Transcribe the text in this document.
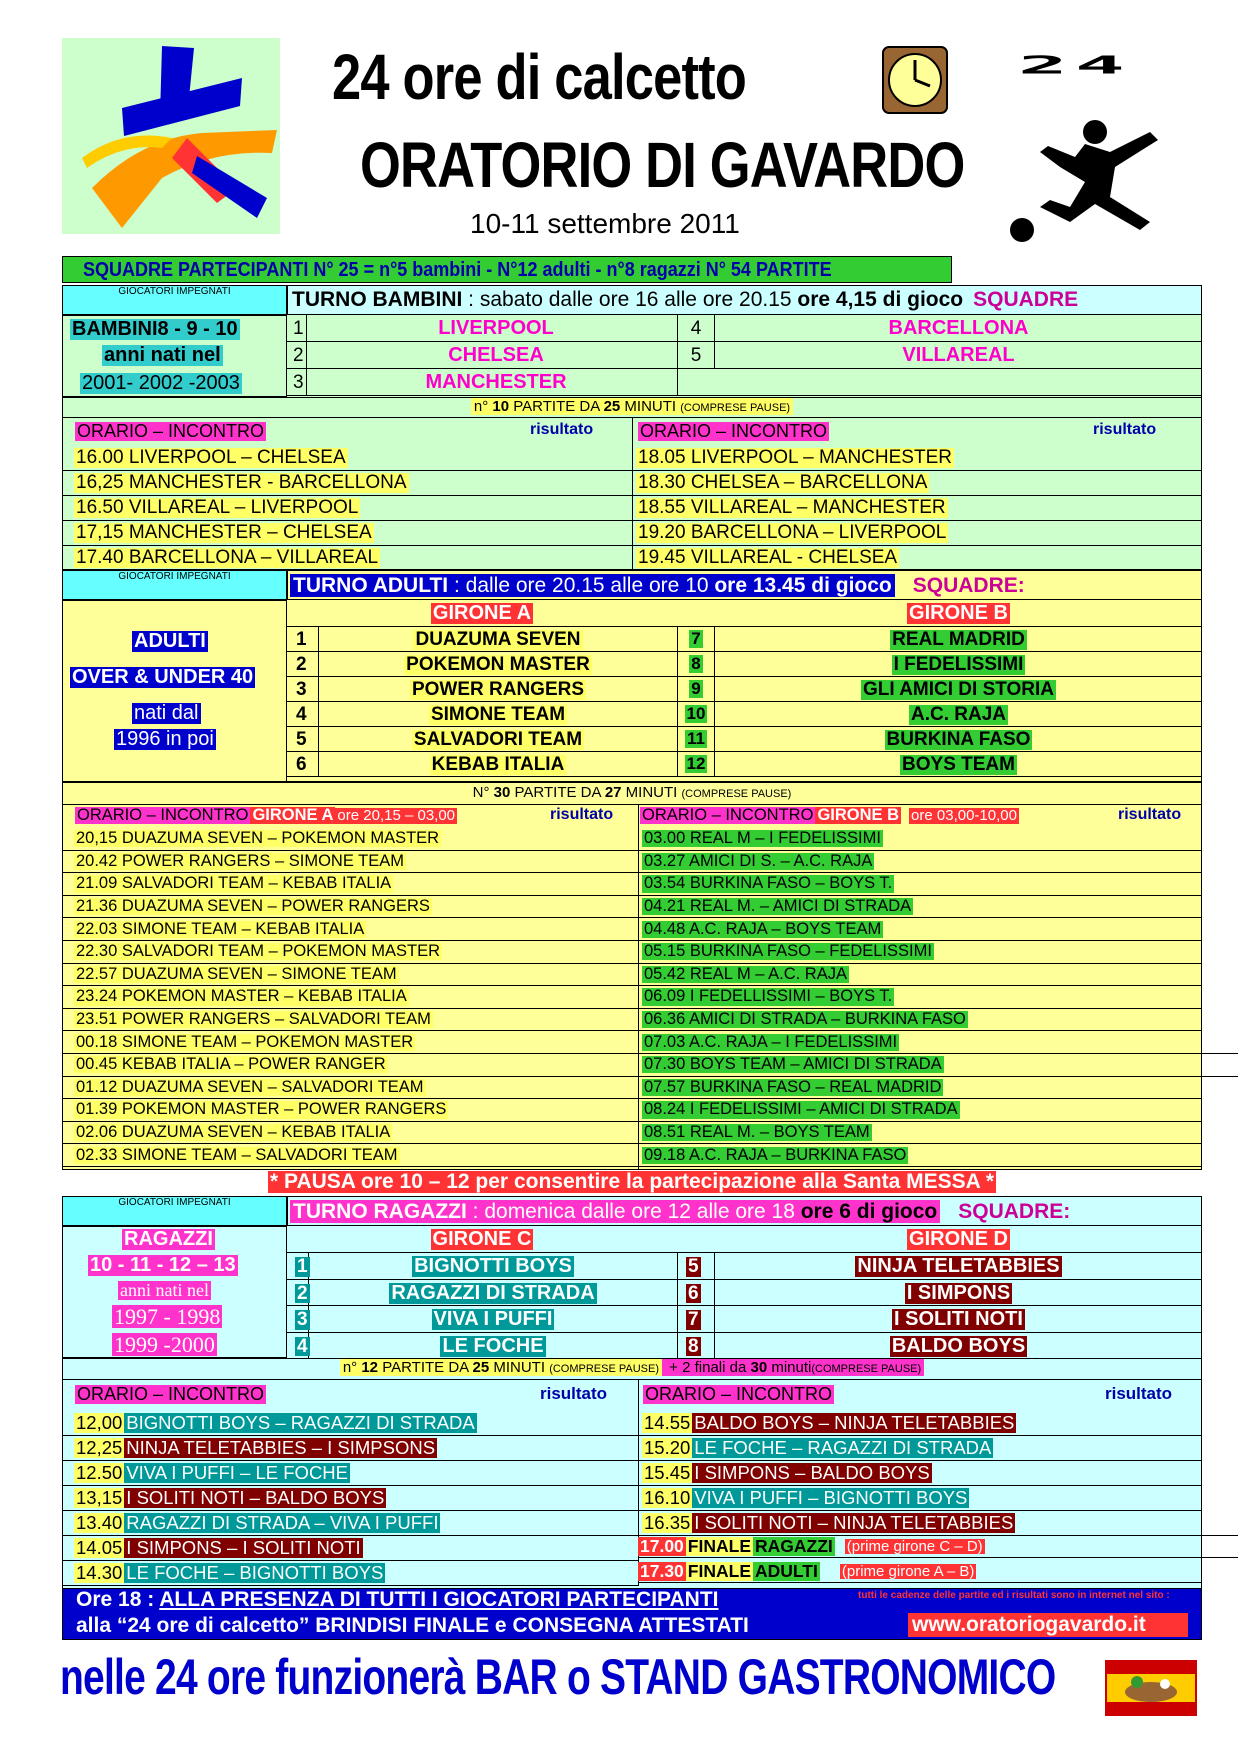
24 ore di calcetto	24
ORATORIO DI GAVARDO
10-11 settembre 2011
SQUADRE PARTECIPANTI N° 25 = n°5 bambini - N°12 adulti - n°8 ragazzi N° 54 PARTITE
GIOCATORI IMPEGNATI
BAMBINI8 - 9 - 10
anni nati nel
2001- 2002 -2003
TURNO BAMBINI : sabato dalle ore 16 alle ore 20.15 ore 4,15 di gioco SQUADRE
1	LIVERPOOL	4	BARCELLONA
2	CHELSEA	5	VILLAREAL
3	MANCHESTER
n° 10 PARTITE DA 25 MINUTI (COMPRESE PAUSE)
ORARIO – INCONTRO	risultato	ORARIO – INCONTRO	risultato
16.00 LIVERPOOL – CHELSEA
16,25 MANCHESTER - BARCELLONA
16.50 VILLAREAL – LIVERPOOL
17,15 MANCHESTER – CHELSEA
17.40 BARCELLONA – VILLAREAL
18.05 LIVERPOOL – MANCHESTER
18.30 CHELSEA – BARCELLONA
18.55 VILLAREAL – MANCHESTER
19.20 BARCELLONA – LIVERPOOL
19.45 VILLAREAL - CHELSEA
GIOCATORI IMPEGNATI
ADULTI
OVER & UNDER 40
nati dal
1996 in poi
TURNO ADULTI : dalle ore 20.15 alle ore 10 ore 13.45 di gioco SQUADRE:
GIRONE A	GIRONE B
1	DUAZUMA SEVEN	7	REAL MADRID
2	POKEMON MASTER	8	I FEDELISSIMI
3	POWER RANGERS	9	GLI AMICI DI STORIA
4	SIMONE TEAM	10	A.C. RAJA
5	SALVADORI TEAM	11	BURKINA FASO
6	KEBAB ITALIA	12	BOYS TEAM
N° 30 PARTITE DA 27 MINUTI (COMPRESE PAUSE)
ORARIO – INCONTRO GIRONE Aore 20,15 – 03,00	risultato ORARIO – INCONTRO GIRONE Bore 03,00-10,00	risultato
20,15 DUAZUMA SEVEN – POKEMON MASTER
20.42 POWER RANGERS – SIMONE TEAM
21.09 SALVADORI TEAM – KEBAB ITALIA
21.36 DUAZUMA SEVEN – POWER RANGERS
22.03 SIMONE TEAM – KEBAB ITALIA
22.30 SALVADORI TEAM – POKEMON MASTER
22.57 DUAZUMA SEVEN – SIMONE TEAM
23.24 POKEMON MASTER – KEBAB ITALIA
23.51 POWER RANGERS – SALVADORI TEAM
00.18 SIMONE TEAM – POKEMON MASTER
00.45 KEBAB ITALIA – POWER RANGER
01.12 DUAZUMA SEVEN – SALVADORI TEAM
01.39 POKEMON MASTER – POWER RANGERS
02.06 DUAZUMA SEVEN – KEBAB ITALIA
02.33 SIMONE TEAM – SALVADORI TEAM
03.00 REAL M – I FEDELISSIMI
03.27 AMICI DI S. – A.C. RAJA
03.54 BURKINA FASO – BOYS T.
04.21 REAL M. – AMICI DI STRADA
04.48 A.C. RAJA – BOYS TEAM
05.15 BURKINA FASO – FEDELISSIMI
05.42 REAL M – A.C. RAJA
06.09 I FEDELLISSIMI – BOYS T.
06.36 AMICI DI STRADA – BURKINA FASO
07.03 A.C. RAJA – I FEDELISSIMI
07.30 BOYS TEAM – AMICI DI STRADA
07.57 BURKINA FASO – REAL MADRID
08.24 I FEDELISSIMI – AMICI DI STRADA
08.51 REAL M. – BOYS TEAM
09.18 A.C. RAJA – BURKINA FASO
* PAUSA ore 10 – 12 per consentire la partecipazione alla Santa MESSA *
GIOCATORI IMPEGNATI
RAGAZZI
10 - 11 - 12 – 13
anni nati nel
1997 - 1998
1999 -2000
TURNO RAGAZZI : domenica dalle ore 12 alle ore 18 ore 6 di gioco SQUADRE:
GIRONE C	GIRONE D
1	BIGNOTTI BOYS	5	NINJA TELETABBIES
2	RAGAZZI DI STRADA	6	I SIMPONS
3	VIVA I PUFFI	7	I SOLITI NOTI
4	LE FOCHE	8	BALDO BOYS
n° 12 PARTITE DA 25 MINUTI (COMPRESE PAUSE) + 2 finali da 30 minuti(COMPRESE PAUSE)
ORARIO – INCONTRO	risultato ORARIO – INCONTRO	risultato
12,00 BIGNOTTI BOYS – RAGAZZI DI STRADA
12,25 NINJA TELETABBIES – I SIMPSONS
12.50 VIVA I PUFFI – LE FOCHE
13,15 I SOLITI NOTI – BALDO BOYS
13.40 RAGAZZI DI STRADA – VIVA I PUFFI
14.05 I SIMPONS – I SOLITI NOTI
14.30 LE FOCHE – BIGNOTTI BOYS
14.55 BALDO BOYS – NINJA TELETABBIES
15.20 LE FOCHE – RAGAZZI DI STRADA
15.45 I SIMPONS – BALDO BOYS
16.10 VIVA I PUFFI – BIGNOTTI BOYS
16.35 I SOLITI NOTI – NINJA TELETABBIES
17.00 FINALE RAGAZZI (prime girone C – D)
17.30 FINALE ADULTI (prime girone A – B)
Ore 18 : ALLA PRESENZA DI TUTTI I GIOCATORI PARTECIPANTI	tutti le cadenze delle partite ed i risultati sono in internet nel sito :
alla “24 ore di calcetto” BRINDISI FINALE e CONSEGNA ATTESTATI	www.oratoriogavardo.it
nelle 24 ore funzionerà BAR o STAND GASTRONOMICO
